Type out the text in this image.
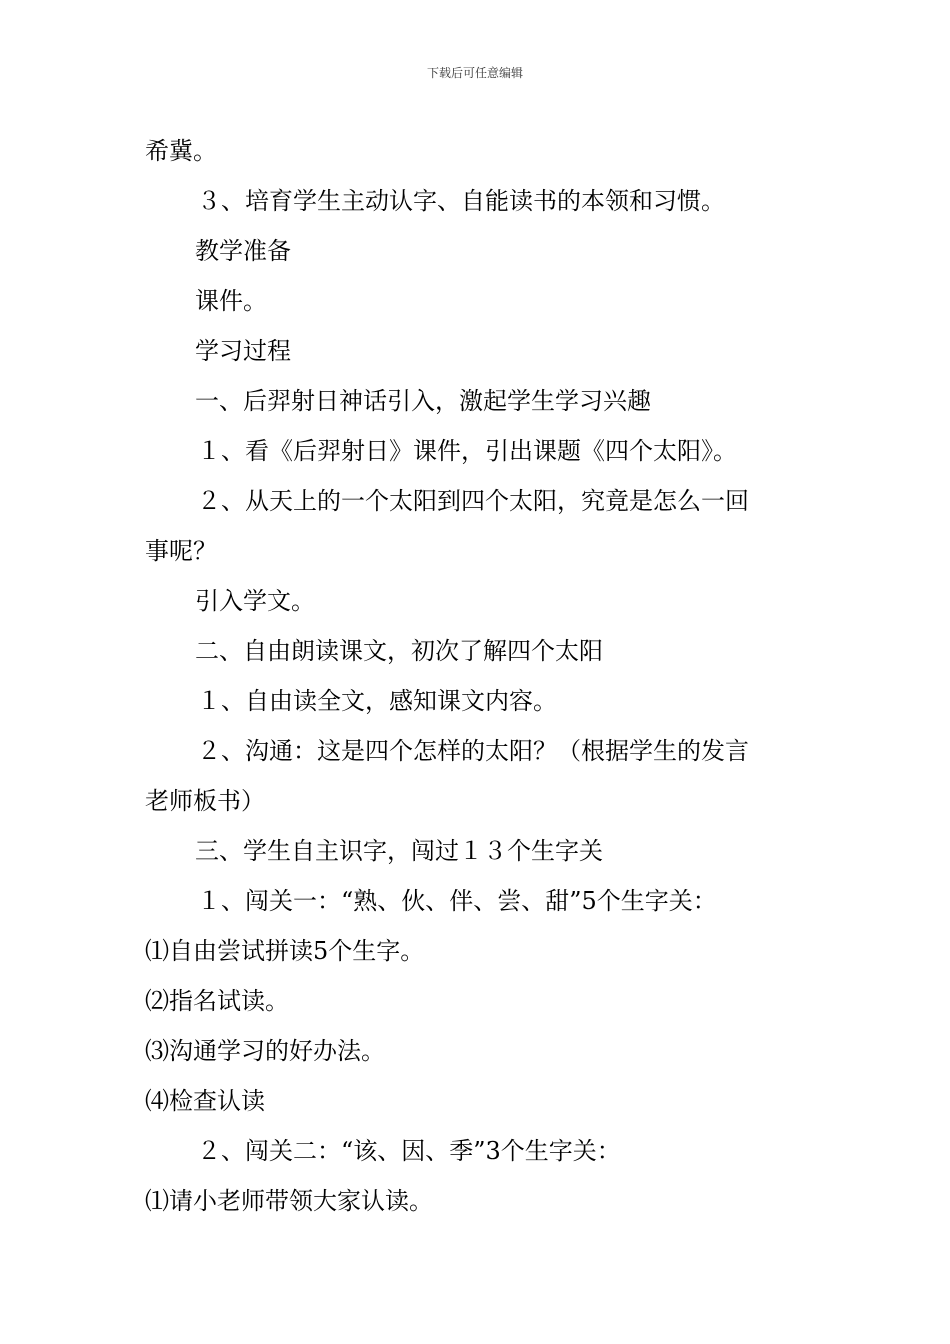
下载后可任意编辑
希冀。
３、培育学生主动认字、自能读书的本领和习惯。
教学准备
课件。
学习过程
一、后羿射日神话引入，激起学生学习兴趣
１、看《后羿射日》课件，引出课题《四个太阳》。
２、从天上的一个太阳到四个太阳，究竟是怎么一回
事呢？
引入学文。
二、自由朗读课文，初次了解四个太阳
１、自由读全文，感知课文内容。
２、沟通：这是四个怎样的太阳？（根据学生的发言
老师板书）
三、学生自主识字，闯过１３个生字关
１、闯关一：“熟、伙、伴、尝、甜”5个生字关：
⑴自由尝试拼读5个生字。
⑵指名试读。
⑶沟通学习的好办法。
⑷检查认读
２、闯关二：“该、因、季”3个生字关：
⑴请小老师带领大家认读。
